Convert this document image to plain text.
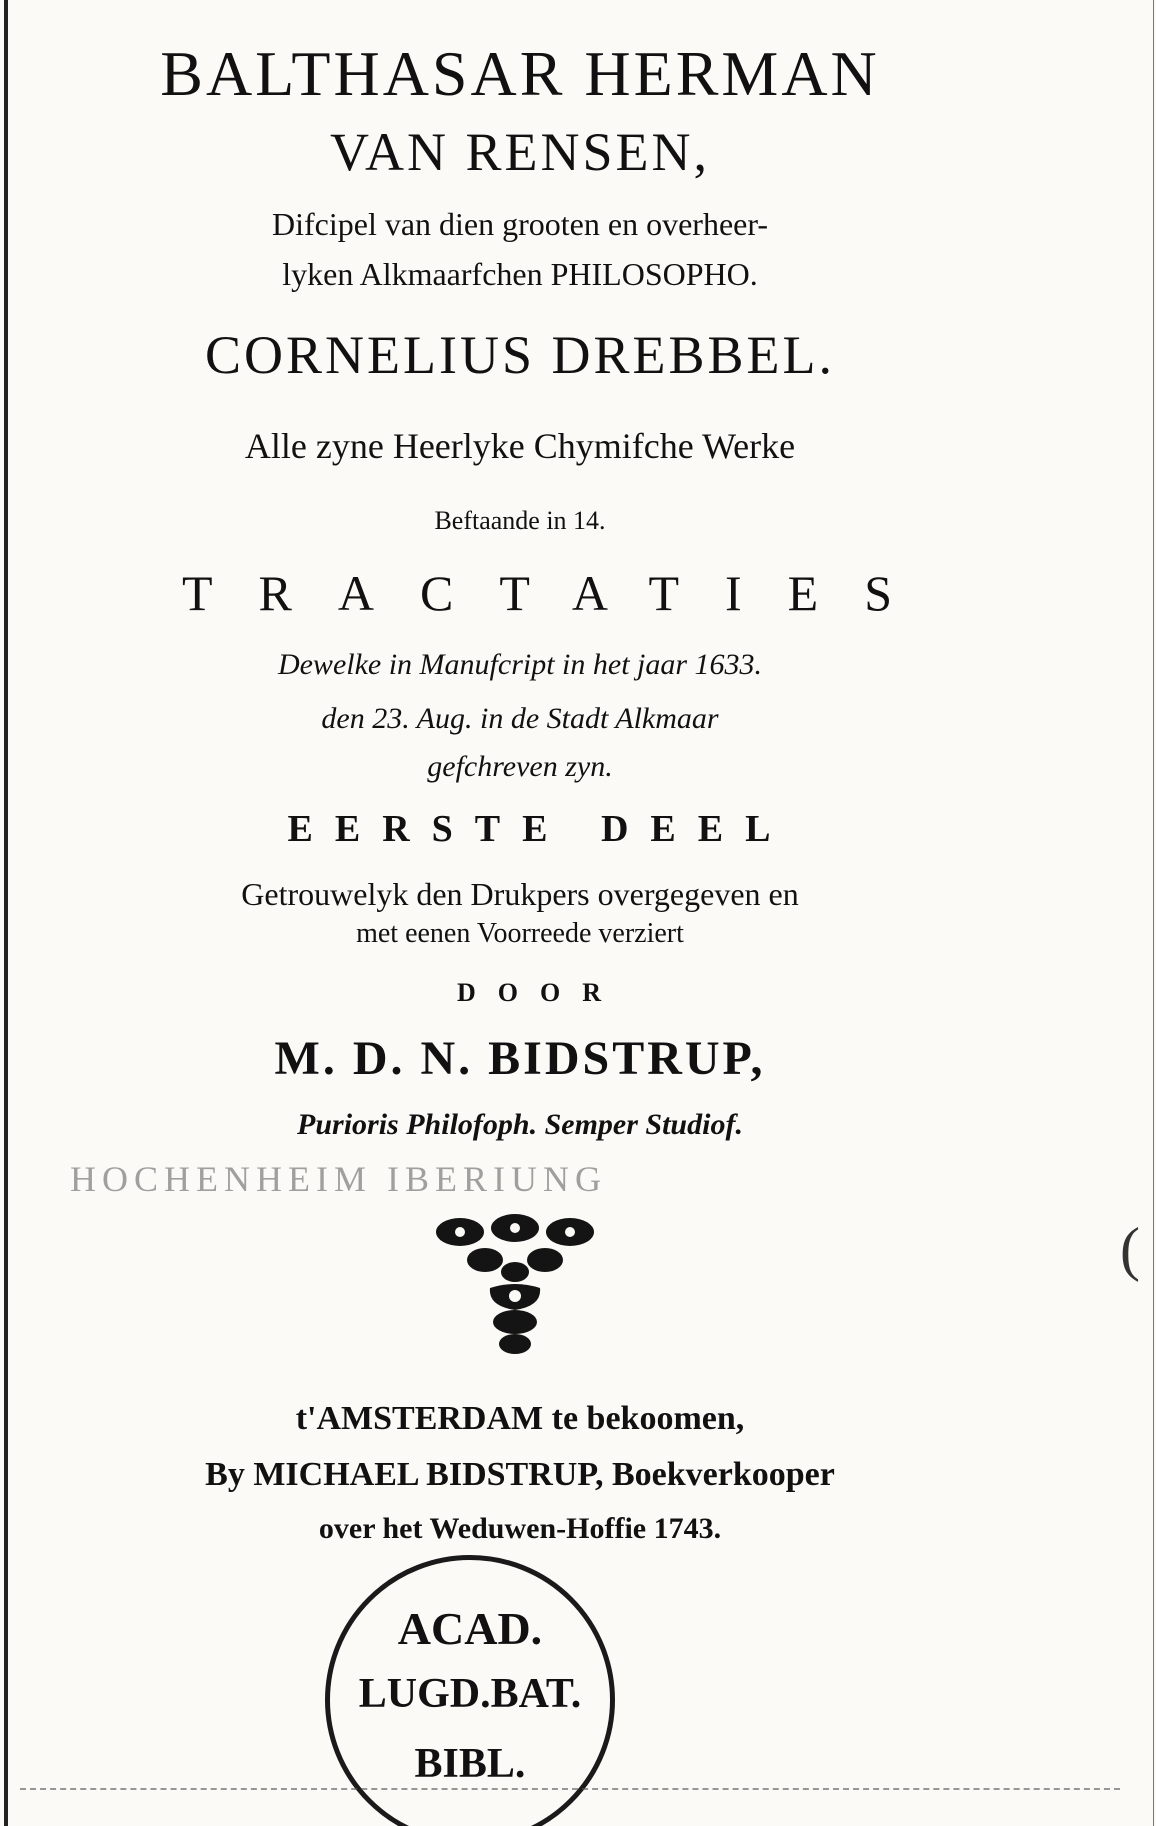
BALTHASAR HERMAN
VAN RENSEN,
Difcipel van dien grooten en overheer-
lyken Alkmaarfchen PHILOSOPHO.
CORNELIUS DREBBEL.
Alle zyne Heerlyke Chymifche Werke
Beftaande in 14.
TRACTATIES
Dewelke in Manufcript in het jaar 1633.
den 23. Aug. in de Stadt Alkmaar
gefchreven zyn.
EERSTE DEEL
Getrouwelyk den Drukpers overgegeven en
met eenen Voorreede verziert
DOOR
M. D. N. BIDSTRUP,
Purioris Philofoph. Semper Studiof.
HOCHENHEIM IBERIUNG
t'AMSTERDAM te bekoomen,
By MICHAEL BIDSTRUP, Boekverkooper
over het Weduwen-Hoffie 1743.
ACAD.
LUGD.BAT.
BIBL.
(
